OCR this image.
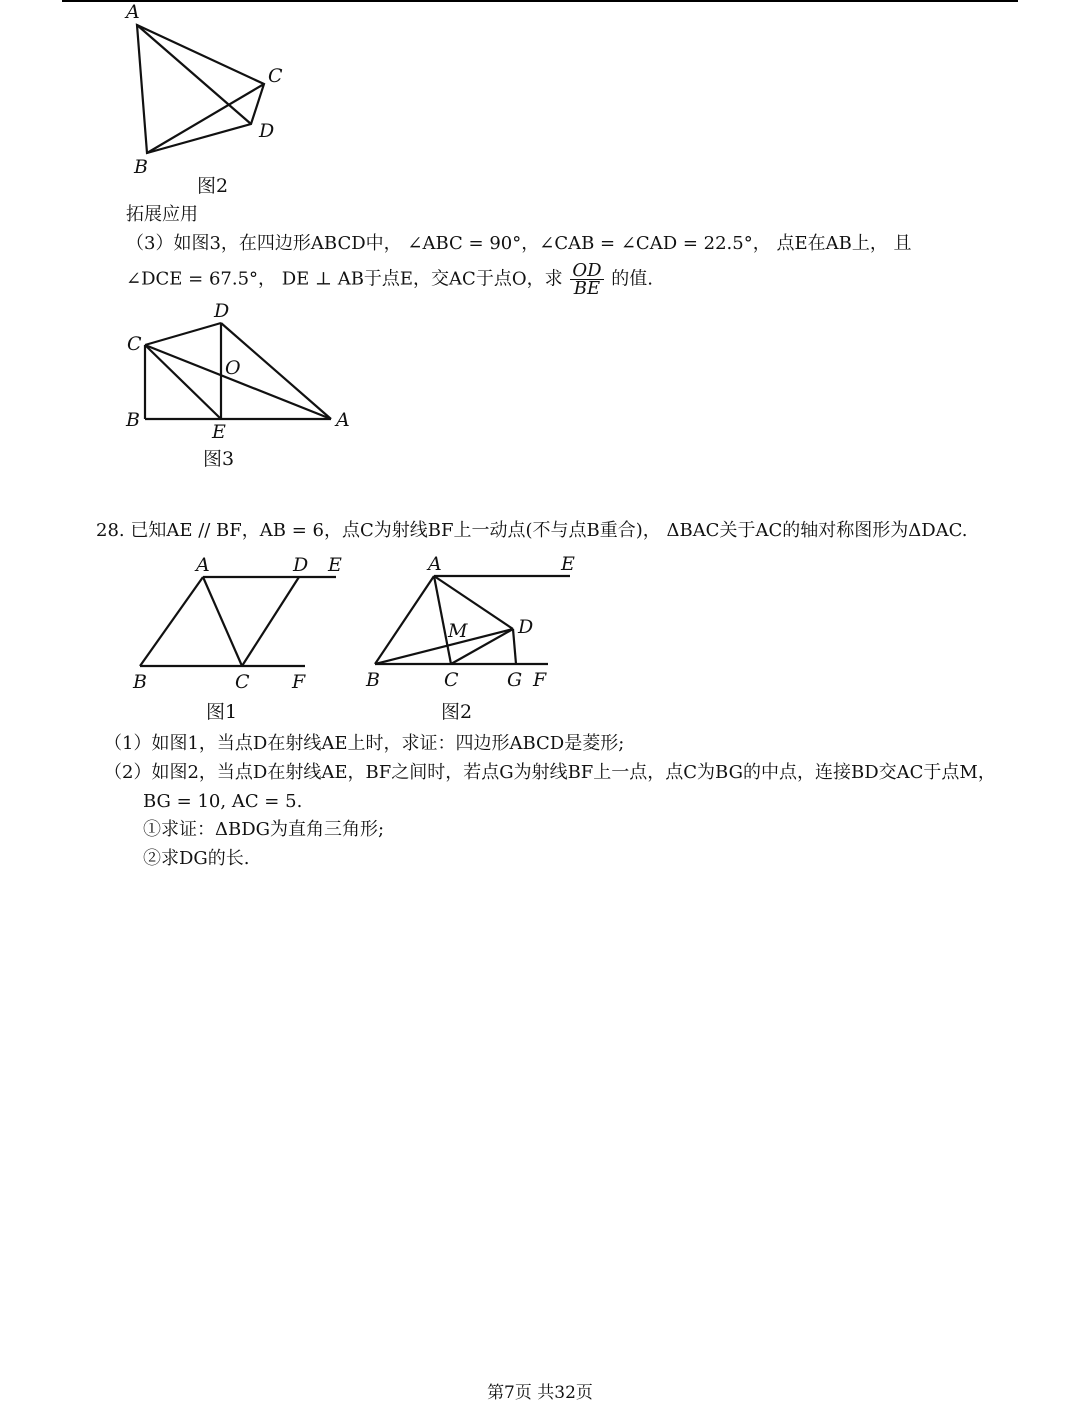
A
C
D
B
图2
拓展应用
（3）如图3，在四边形ABCD中， ∠ABC = 90°，∠CAB = ∠CAD = 22.5°， 点E在AB上， 且
∠DCE = 67.5°， DE ⊥ AB于点E，交AC于点O，求 $\frac{OD}{BE}$ 的值.
D
C
O
B
E
A
图3
28. 已知AE // BF，AB = 6，点C为射线BF上一动点(不与点B重合)， ΔBAC关于AC的轴对称图形为ΔDAC.
A	D E
B	C F
图1
A	E
M	D
B	C	G F
图2
（1）如图1，当点D在射线AE上时，求证：四边形ABCD是菱形;
（2）如图2，当点D在射线AE，BF之间时，若点G为射线BF上一点，点C为BG的中点，连接BD交AC于点M，
BG = 10, AC = 5.
①求证：ΔBDG为直角三角形;
②求DG的长.
第7页 共32页
